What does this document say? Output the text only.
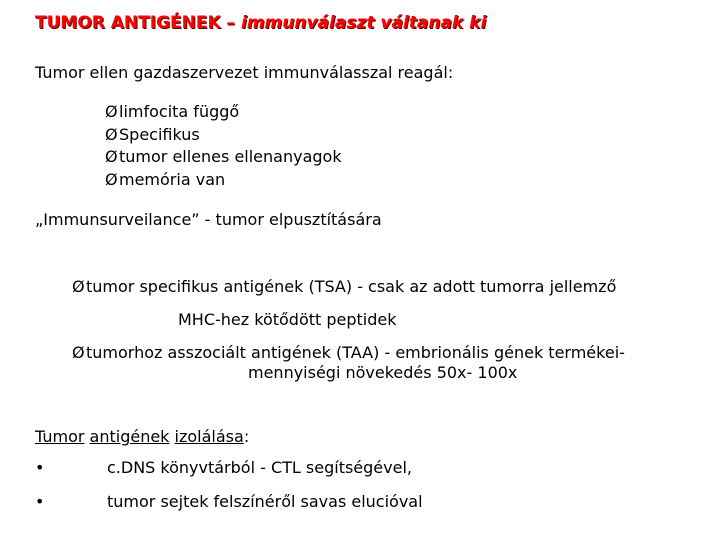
TUMOR ANTIGÉNEK – immunválaszt váltanak ki
Tumor ellen gazdaszervezet immunválasszal reagál:
Ølimfocita függő
ØSpecifikus
Øtumor ellenes ellenanyagok
Ømemória van
„Immunsurveilance” - tumor elpusztítására
Øtumor specifikus antigének (TSA) - csak az adott tumorra jellemző
MHC-hez kötődött peptidek
Øtumorhoz asszociált antigének (TAA) - embrionális gének termékei-
mennyiségi növekedés 50x- 100x
Tumor antigének izolálása:
•	c.DNS könyvtárból - CTL segítségével,
•	tumor sejtek felszínéről savas elucióval
